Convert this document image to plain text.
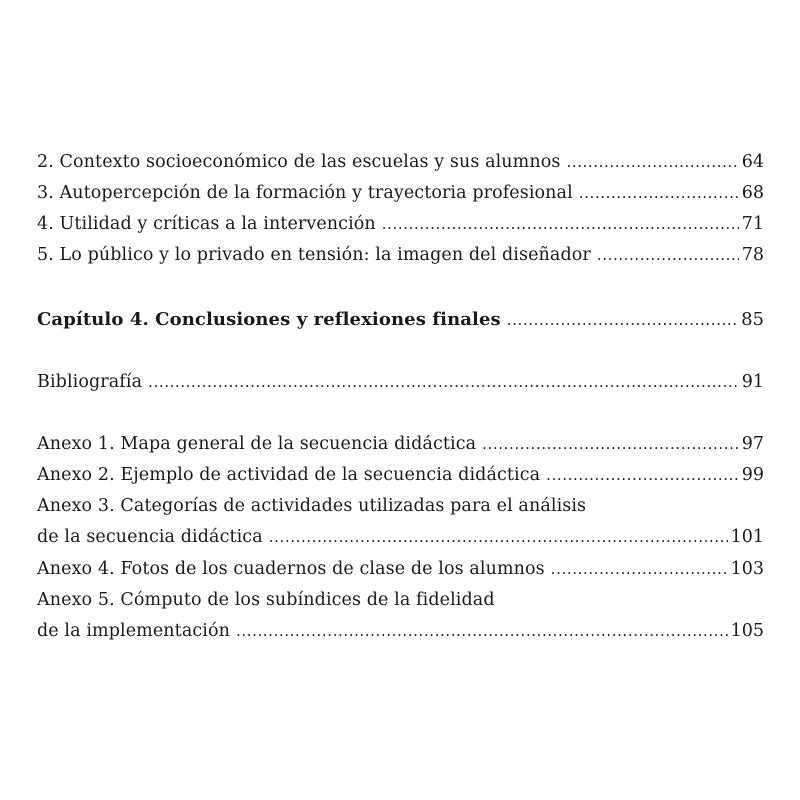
2. Contexto socioeconómico de las escuelas y sus alumnos .....	64
3. Autopercepción de la formación y trayectoria profesional .....	68
4. Utilidad y críticas a la intervención .....	71
5. Lo público y lo privado en tensión: la imagen del diseñador .....	78
Capítulo 4. Conclusiones y reflexiones finales .....	85
Bibliografía .....	91
Anexo 1. Mapa general de la secuencia didáctica .....	97
Anexo 2. Ejemplo de actividad de la secuencia didáctica .....	99
Anexo 3. Categorías de actividades utilizadas para el análisis
de la secuencia didáctica .....	101
Anexo 4. Fotos de los cuadernos de clase de los alumnos .....	103
Anexo 5. Cómputo de los subíndices de la fidelidad
de la implementación .....	105
